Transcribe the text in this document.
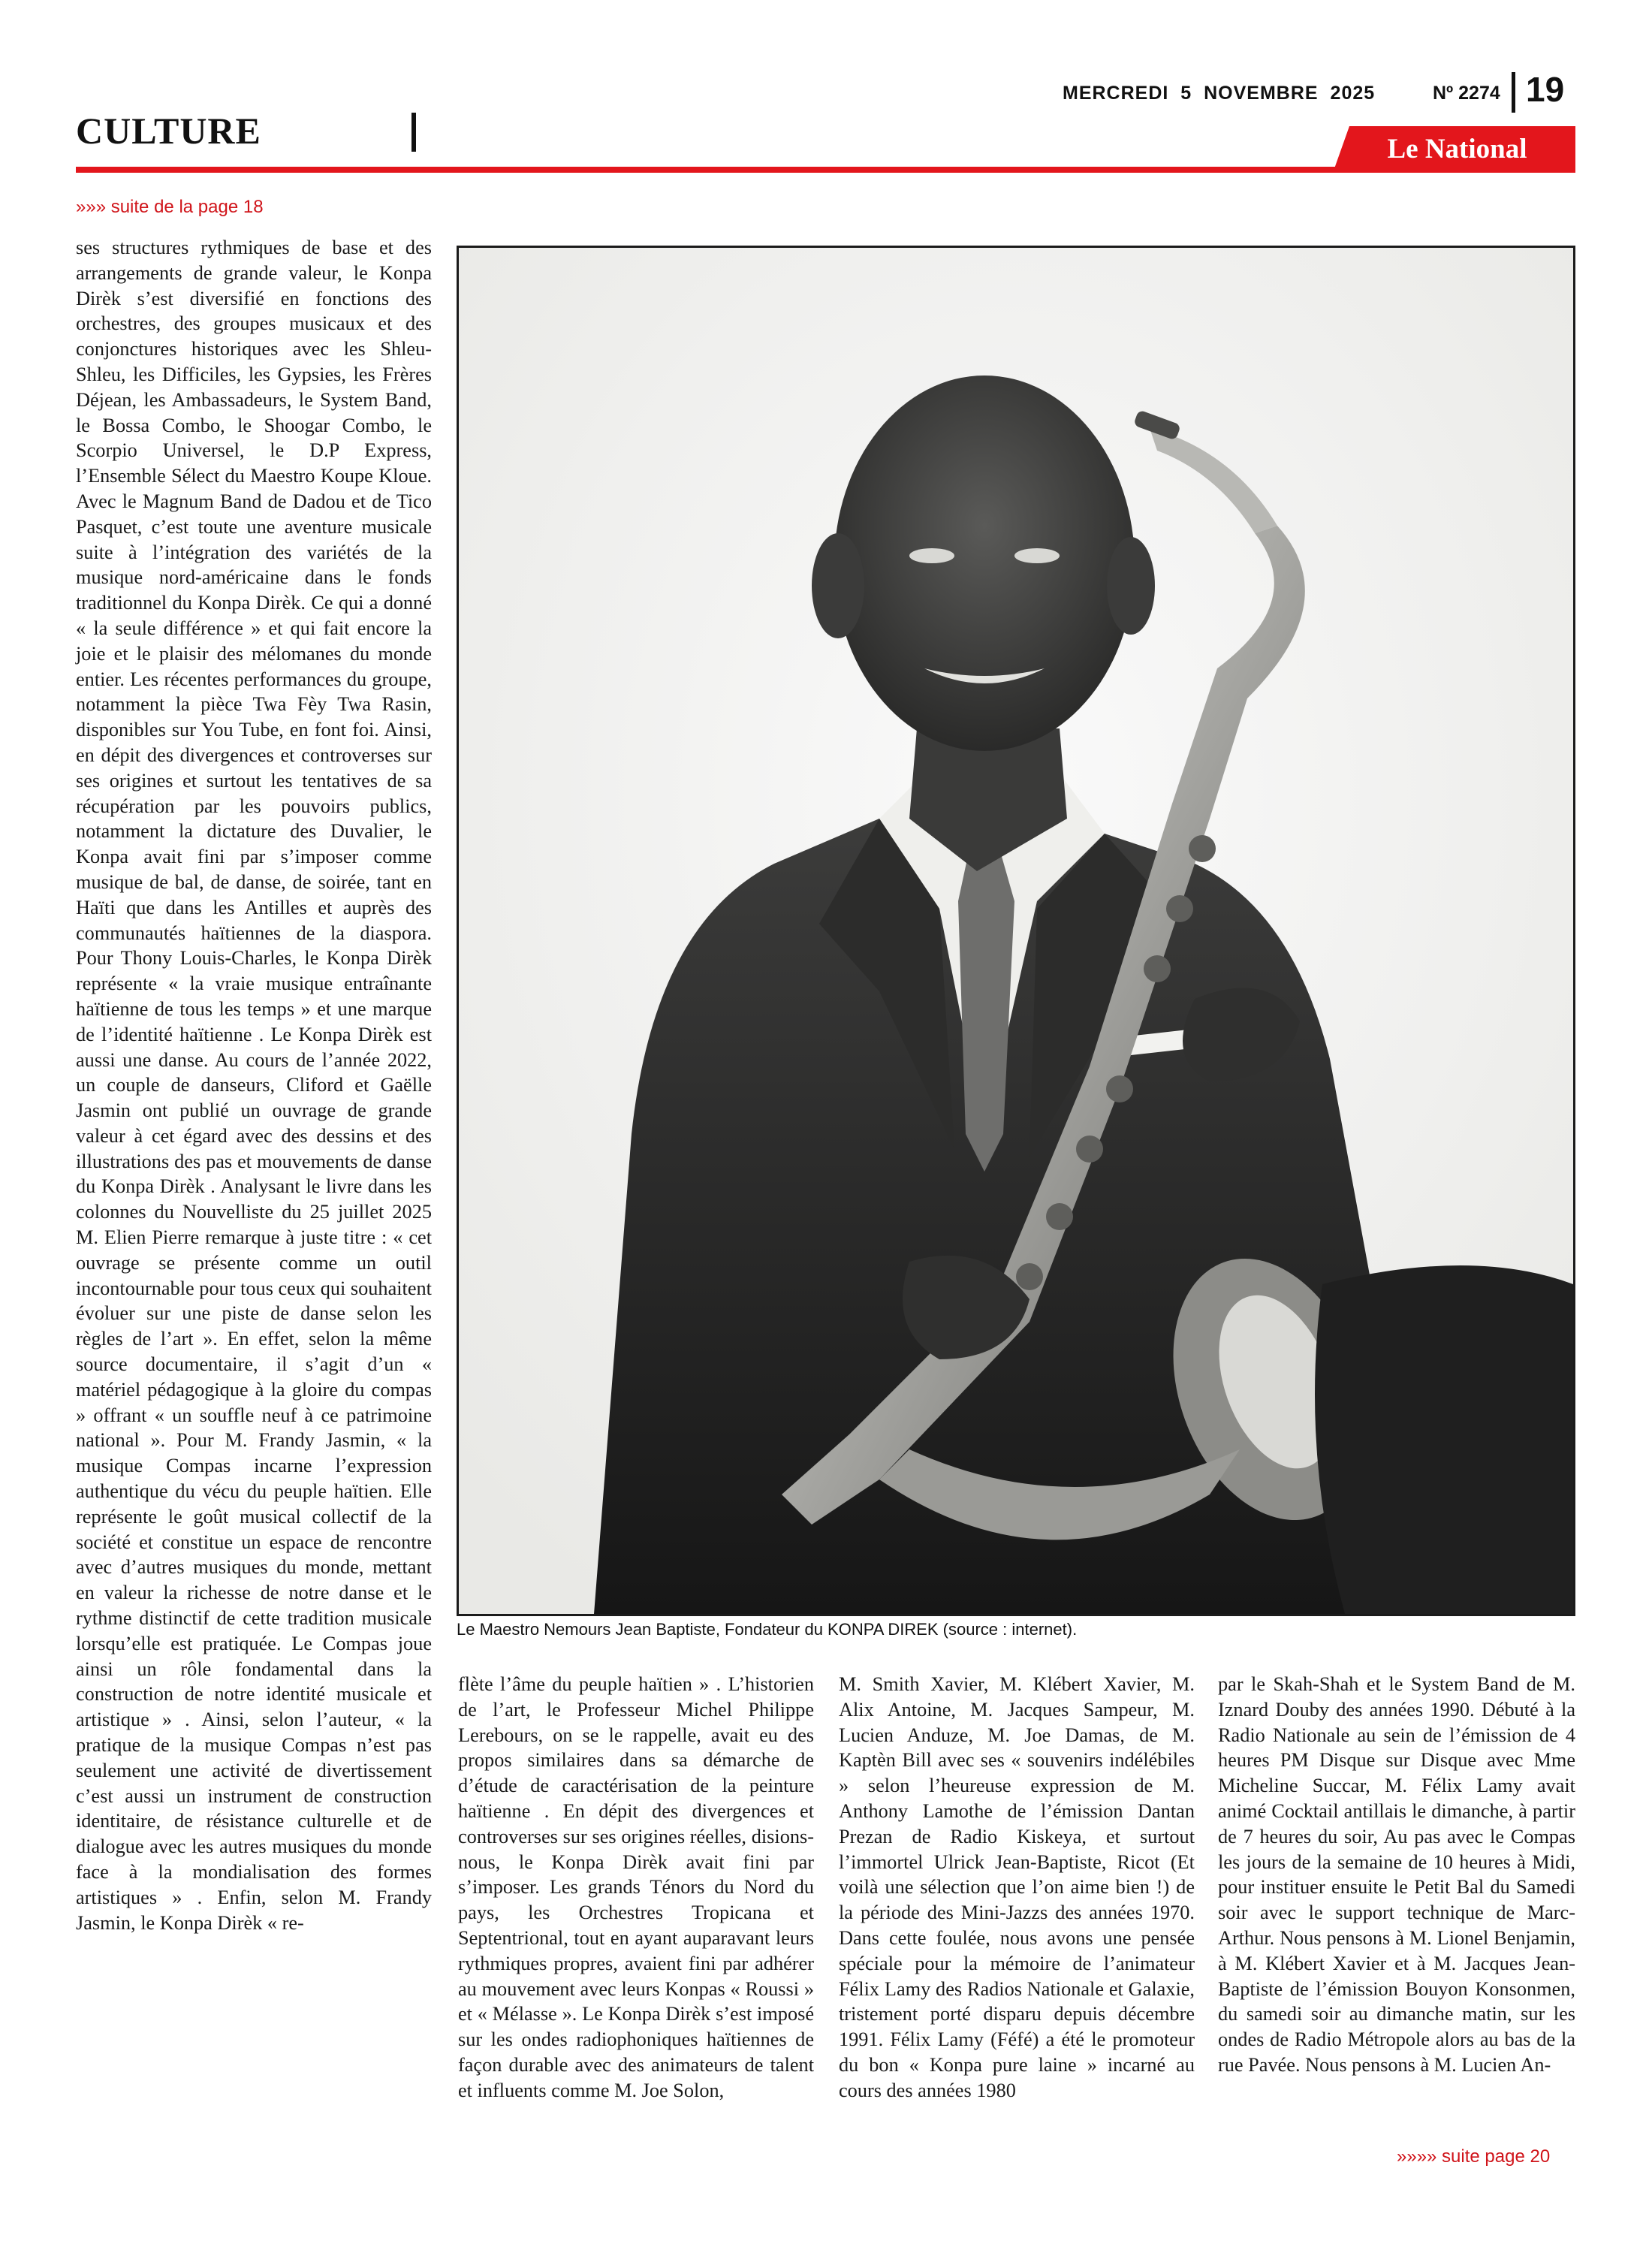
CULTURE
MERCREDI 5 NOVEMBRE 2025	Nº 2274 19
Le National
»»» suite de la page 18
ses structures rythmiques de base et des arrangements de grande valeur, le Konpa Dirèk s’est diversifié en fonctions des orchestres, des groupes musicaux et des conjonctures historiques avec les Shleu-Shleu, les Difficiles, les Gypsies, les Frères Déjean, les Ambassadeurs, le System Band, le Bossa Combo, le Shoogar Combo, le Scorpio Universel, le D.P Express, l’Ensemble Sélect du Maestro Koupe Kloue. Avec le Magnum Band de Dadou et de Tico Pasquet, c’est toute une aventure musicale suite à l’intégration des variétés de la musique nord-américaine dans le fonds traditionnel du Konpa Dirèk. Ce qui a donné « la seule différence » et qui fait encore la joie et le plaisir des mélomanes du monde entier. Les récentes performances du groupe, notamment la pièce Twa Fèy Twa Rasin, disponibles sur You Tube, en font foi. Ainsi, en dépit des divergences et controverses sur ses origines et surtout les tentatives de sa récupération par les pouvoirs publics, notamment la dictature des Duvalier, le Konpa avait fini par s’imposer comme musique de bal, de danse, de soirée, tant en Haïti que dans les Antilles et auprès des communautés haïtiennes de la diaspora. Pour Thony Louis-Charles, le Konpa Dirèk représente « la vraie musique entraînante haïtienne de tous les temps » et une marque de l’identité haïtienne . Le Konpa Dirèk est aussi une danse. Au cours de l’année 2022, un couple de danseurs, Cliford et Gaëlle Jasmin ont publié un ouvrage de grande valeur à cet égard avec des dessins et des illustrations des pas et mouvements de danse du Konpa Dirèk . Analysant le livre dans les colonnes du Nouvelliste du 25 juillet 2025 M. Elien Pierre remarque à juste titre : « cet ouvrage se présente comme un outil incontournable pour tous ceux qui souhaitent évoluer sur une piste de danse selon les règles de l’art ». En effet, selon la même source documentaire, il s’agit d’un « matériel pédagogique à la gloire du compas » offrant « un souffle neuf à ce patrimoine national ». Pour M. Frandy Jasmin, « la musique Compas incarne l’expression authentique du vécu du peuple haïtien. Elle représente le goût musical collectif de la société et constitue un espace de rencontre avec d’autres musiques du monde, mettant en valeur la richesse de notre danse et le rythme distinctif de cette tradition musicale lorsqu’elle est pratiquée. Le Compas joue ainsi un rôle fondamental dans la construction de notre identité musicale et artistique » . Ainsi, selon l’auteur, « la pratique de la musique Compas n’est pas seulement une activité de divertissement c’est aussi un instrument de construction identitaire, de résistance culturelle et de dialogue avec les autres musiques du monde face à la mondialisation des formes artistiques » . Enfin, selon M. Frandy Jasmin, le Konpa Dirèk « re-
Le Maestro Nemours Jean Baptiste, Fondateur du KONPA DIREK (source : internet).
flète l’âme du peuple haïtien » . L’historien de l’art, le Professeur Michel Philippe Lerebours, on se le rappelle, avait eu des propos similaires dans sa démarche de d’étude de caractérisation de la peinture haïtienne . En dépit des divergences et controverses sur ses origines réelles, disions-nous, le Konpa Dirèk avait fini par s’imposer. Les grands Ténors du Nord du pays, les Orchestres Tropicana et Septentrional, tout en ayant auparavant leurs rythmiques propres, avaient fini par adhérer au mouvement avec leurs Konpas « Roussi » et « Mélasse ». Le Konpa Dirèk s’est imposé sur les ondes radiophoniques haïtiennes de façon durable avec des animateurs de talent et influents comme M. Joe Solon,
M. Smith Xavier, M. Klébert Xavier, M. Alix Antoine, M. Jacques Sampeur, M. Lucien Anduze, M. Joe Damas, de M. Kaptèn Bill avec ses « souvenirs indélébiles » selon l’heureuse expression de M. Anthony Lamothe de l’émission Dantan Prezan de Radio Kiskeya, et surtout l’immortel Ulrick Jean-Baptiste, Ricot (Et voilà une sélection que l’on aime bien !) de la période des Mini-Jazzs des années 1970. Dans cette foulée, nous avons une pensée spéciale pour la mémoire de l’animateur Félix Lamy des Radios Nationale et Galaxie, tristement porté disparu depuis décembre 1991. Félix Lamy (Féfé) a été le promoteur du bon « Konpa pure laine » incarné au cours des années 1980
par le Skah-Shah et le System Band de M. Iznard Douby des années 1990. Débuté à la Radio Nationale au sein de l’émission de 4 heures PM Disque sur Disque avec Mme Micheline Succar, M. Félix Lamy avait animé Cocktail antillais le dimanche, à partir de 7 heures du soir, Au pas avec le Compas les jours de la semaine de 10 heures à Midi, pour instituer ensuite le Petit Bal du Samedi soir avec le support technique de Marc-Arthur. Nous pensons à M. Lionel Benjamin, à M. Klébert Xavier et à M. Jacques Jean-Baptiste de l’émission Bouyon Konsonmen, du samedi soir au dimanche matin, sur les ondes de Radio Métropole alors au bas de la rue Pavée. Nous pensons à M. Lucien An-
»»»» suite page 20
